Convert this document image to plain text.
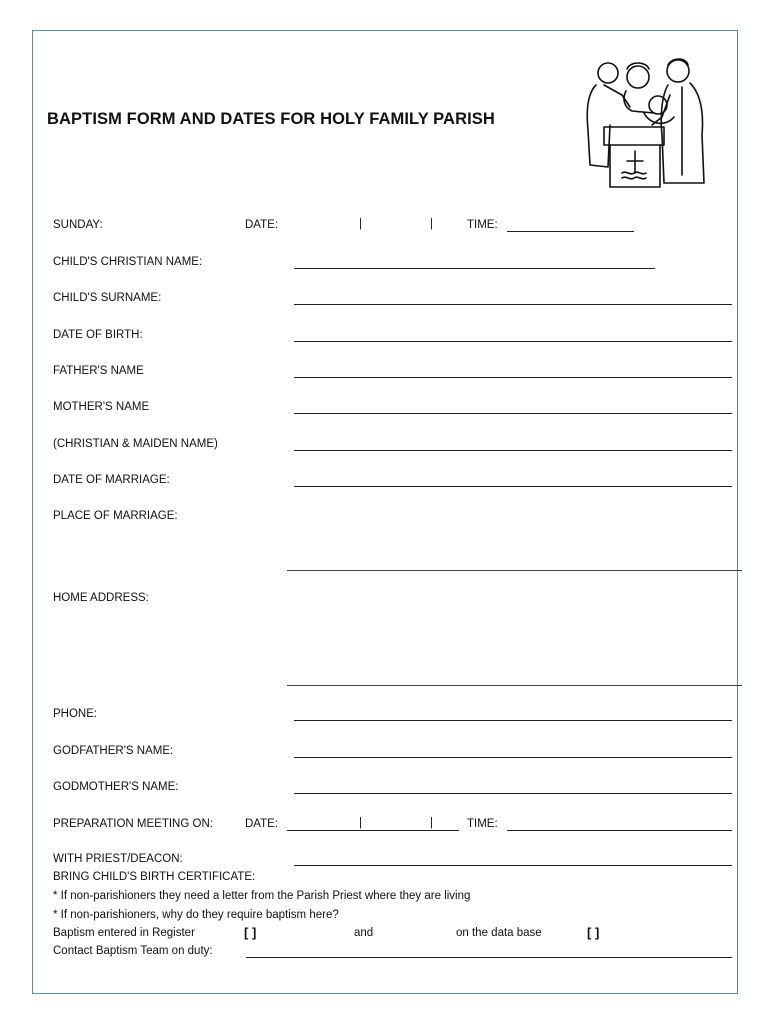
BAPTISM FORM AND DATES FOR HOLY FAMILY PARISH
SUNDAY:	DATE:	|	|	TIME:
CHILD'S CHRISTIAN NAME:
CHILD'S SURNAME:
DATE OF BIRTH:
FATHER'S NAME
MOTHER'S NAME
(CHRISTIAN & MAIDEN NAME)
DATE OF MARRIAGE:
PLACE OF MARRIAGE:
HOME ADDRESS:
PHONE:
GODFATHER'S NAME:
GODMOTHER'S NAME:
PREPARATION MEETING ON:	DATE:	|	|	TIME:
WITH PRIEST/DEACON:
BRING CHILD'S BIRTH CERTIFICATE:
* If non-parishioners they need a letter from the Parish Priest where they are living
* If non-parishioners, why do they require baptism here?
Baptism entered in Register	[ ]	and	on the data base	[ ]
Contact Baptism Team on duty:
